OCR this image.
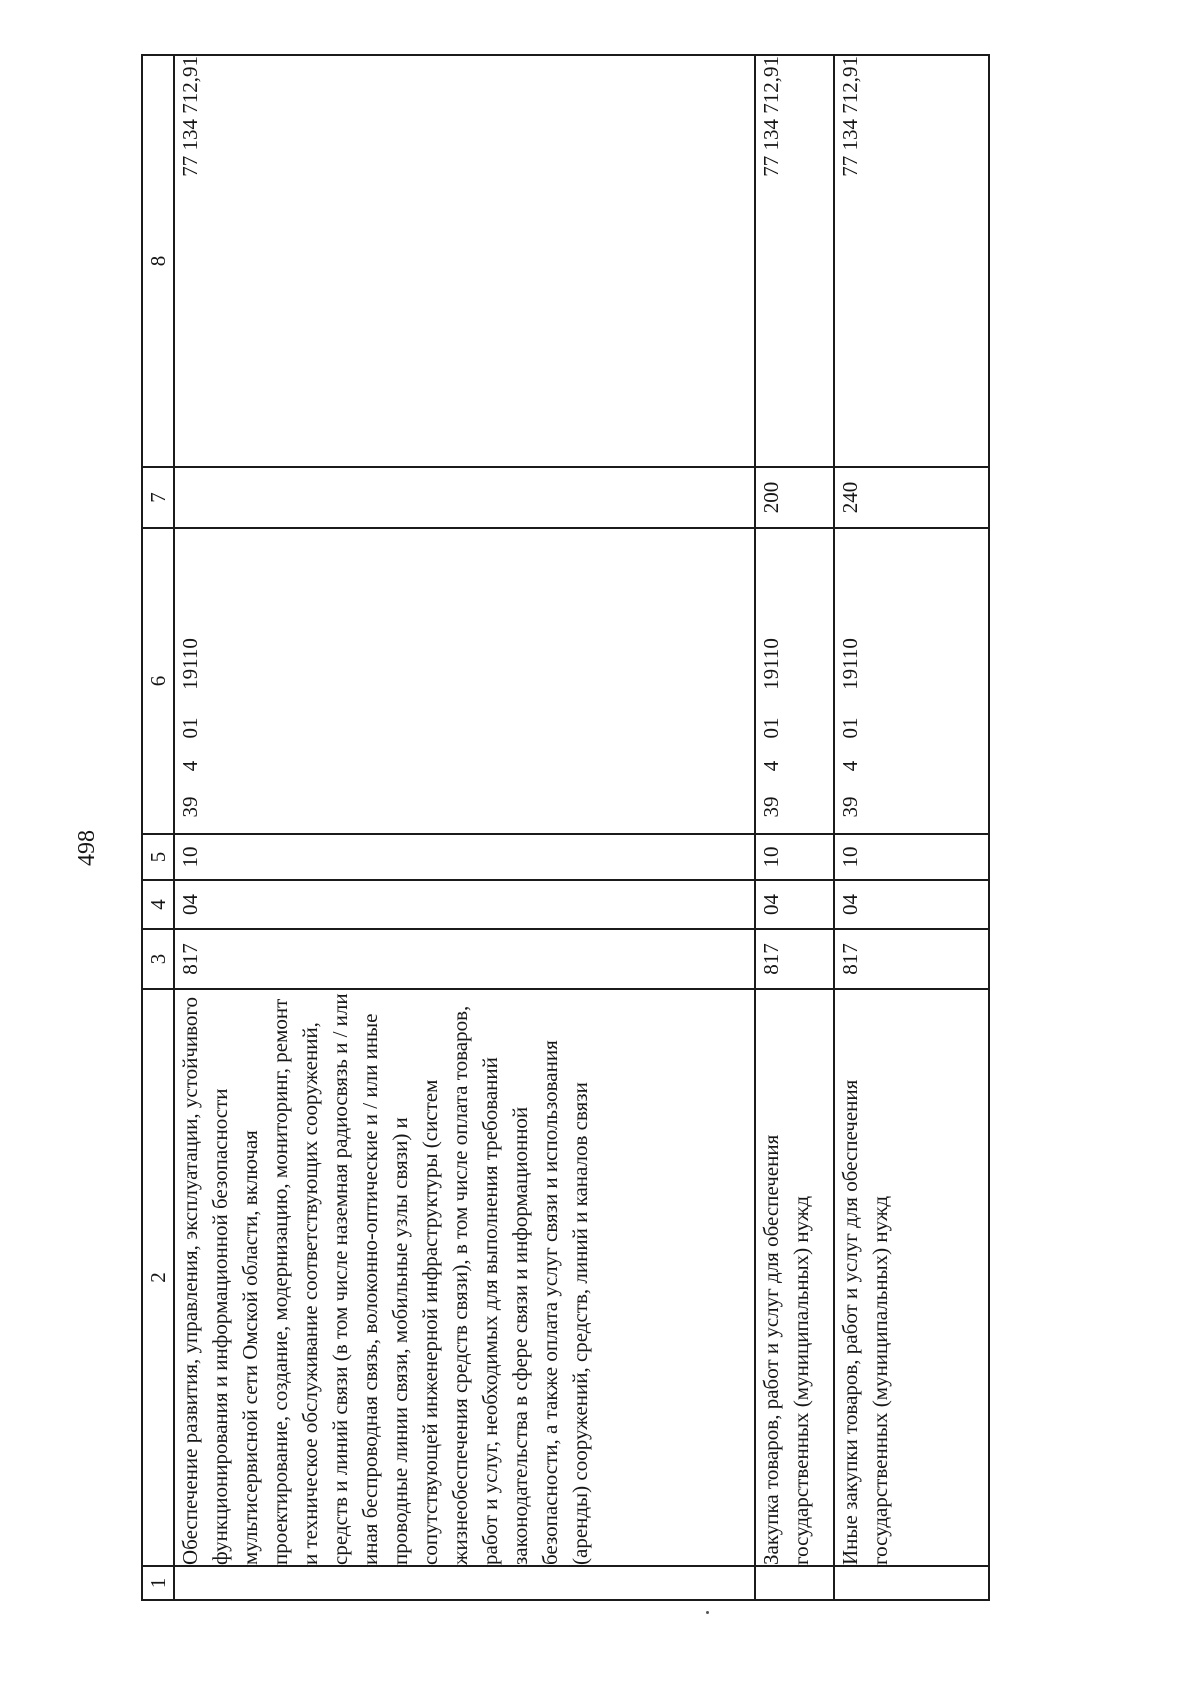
498
1	2	3	4	5	6	7	8
	Обеспечение развития, управления, эксплуатации, устойчивого функционирования и информационной безопасности мультисервисной сети Омской области, включая проектирование, создание, модернизацию, мониторинг, ремонт и техническое обслуживание соответствующих сооружений, средств и линий связи (в том числе наземная радиосвязь и / или иная беспроводная связь, волоконно-оптические и / или иные проводные линии связи, мобильные узлы связи) и сопутствующей инженерной инфраструктуры (систем жизнеобеспечения средств связи), в том числе оплата товаров, работ и услуг, необходимых для выполнения требований законодательства в сфере связи и информационной безопасности, а также оплата услуг связи и использования (аренды) сооружений, средств, линий и каналов связи	817	04	10	3940119110		77 134 712,91
	Закупка товаров, работ и услуг для обеспечения государственных (муниципальных) нужд	817	04	10	3940119110	200	77 134 712,91
	Иные закупки товаров, работ и услуг для обеспечения государственных (муниципальных) нужд	817	04	10	3940119110	240	77 134 712,91
